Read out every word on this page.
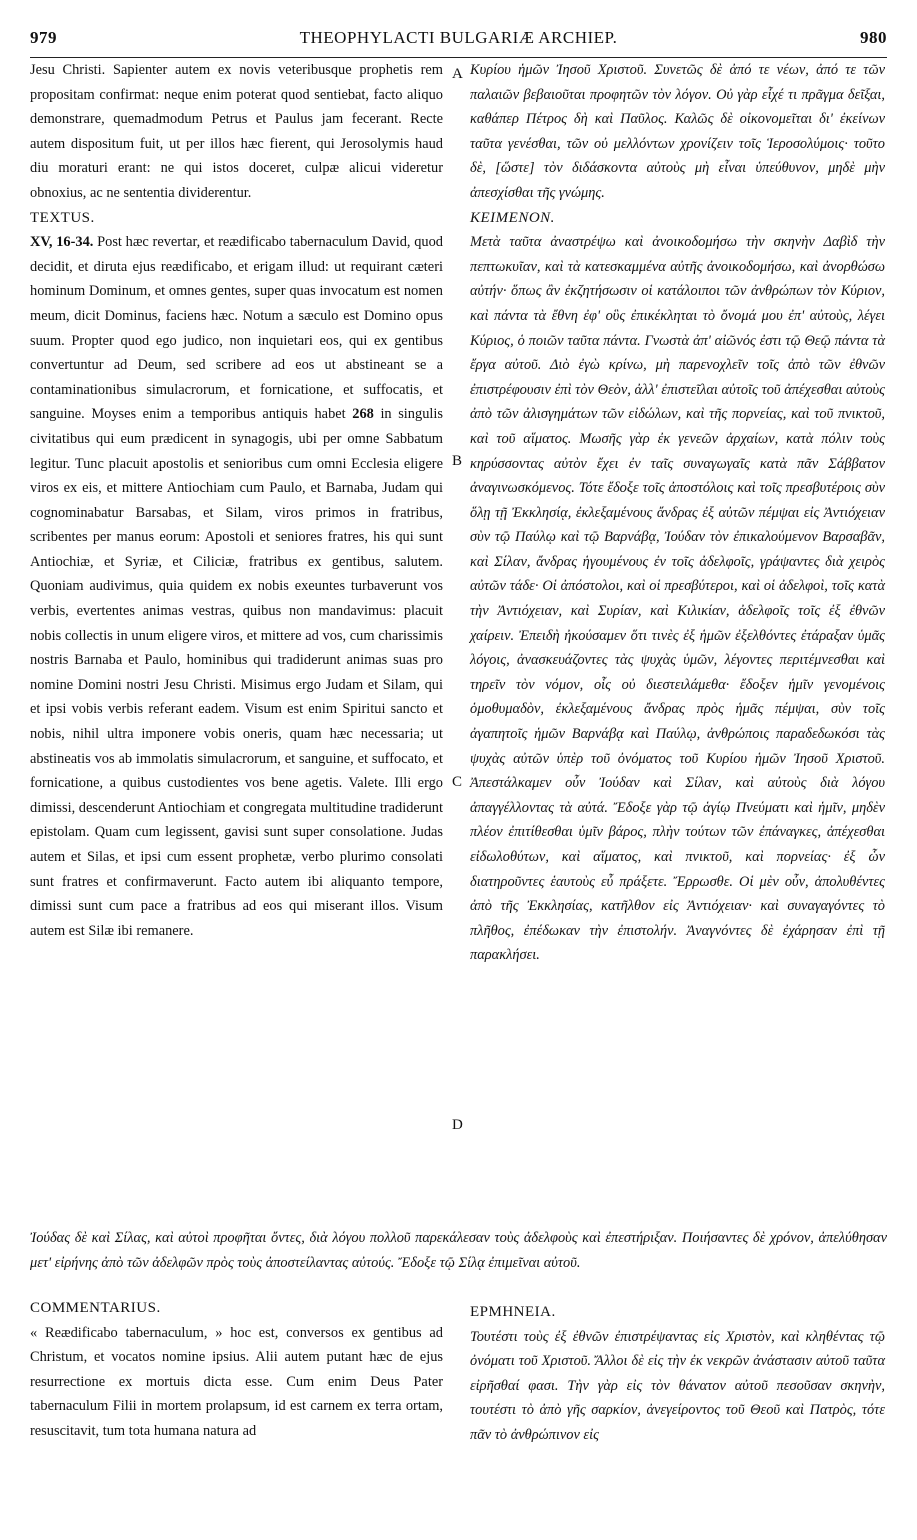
979	THEOPHYLACTI BULGARIÆ ARCHIEP.	980
A
B
C
D

Jesu Christi. Sapienter autem ex novis veteribusque prophetis rem propositam confirmat: neque enim poterat quod sentiebat, facto aliquo demonstrare, quemadmodum Petrus et Paulus jam fecerant. Recte autem dispositum fuit, ut per illos hæc fierent, qui Jerosolymis haud diu moraturi erant: ne qui istos doceret, culpæ alicui videretur obnoxius, ac ne sententia dividerentur.

TEXTUS.

XV, 16-34. Post hæc revertar, et reædificabo tabernaculum David, quod decidit, et diruta ejus reædificabo, et erigam illud: ut requirant cæteri hominum Dominum, et omnes gentes, super quas invocatum est nomen meum, dicit Dominus, faciens hæc. Notum a sæculo est Domino opus suum. Propter quod ego judico, non inquietari eos, qui ex gentibus convertuntur ad Deum, sed scribere ad eos ut abstineant se a contaminationibus simulacrorum, et fornicatione, et suffocatis, et sanguine. Moyses enim a temporibus antiquis habet 268 in singulis civitatibus qui eum prædicent in synagogis, ubi per omne Sabbatum legitur. Tunc placuit apostolis et senioribus cum omni Ecclesia eligere viros ex eis, et mittere Antiochiam cum Paulo, et Barnaba, Judam qui cognominabatur Barsabas, et Silam, viros primos in fratribus, scribentes per manus eorum: Apostoli et seniores fratres, his qui sunt Antiochiæ, et Syriæ, et Ciliciæ, fratribus ex gentibus, salutem. Quoniam audivimus, quia quidem ex nobis exeuntes turbaverunt vos verbis, evertentes animas vestras, quibus non mandavimus: placuit nobis collectis in unum eligere viros, et mittere ad vos, cum charissimis nostris Barnaba et Paulo, hominibus qui tradiderunt animas suas pro nomine Domini nostri Jesu Christi. Misimus ergo Judam et Silam, qui et ipsi vobis verbis referant eadem. Visum est enim Spiritui sancto et nobis, nihil ultra imponere vobis oneris, quam hæc necessaria; ut abstineatis vos ab immolatis simulacrorum, et sanguine, et suffocato, et fornicatione, a quibus custodientes vos bene agetis. Valete. Illi ergo dimissi, descenderunt Antiochiam et congregata multitudine tradiderunt epistolam. Quam cum legissent, gavisi sunt super consolatione. Judas autem et Silas, et ipsi cum essent prophetæ, verbo plurimo consolati sunt fratres et confirmaverunt. Facto autem ibi aliquanto tempore, dimissi sunt cum pace a fratribus ad eos qui miserant illos. Visum autem est Silæ ibi remanere.

Κυρίου ἡμῶν Ἰησοῦ Χριστοῦ. Συνετῶς δὲ ἀπό τε νέων, ἀπό τε τῶν παλαιῶν βεβαιοῦται προφητῶν τὸν λόγον. Οὐ γὰρ εἶχέ τι πρᾶγμα δεῖξαι, καθάπερ Πέτρος δὴ καὶ Παῦλος. Καλῶς δὲ οἰκονομεῖται δι' ἐκείνων ταῦτα γενέσθαι, τῶν οὐ μελλόντων χρονίζειν τοῖς Ἱεροσολύμοις· τοῦτο δὲ, [ὥστε] τὸν διδάσκοντα αὐτοὺς μὴ εἶναι ὑπεύθυνον, μηδὲ μὴν ἀπεσχίσθαι τῆς γνώμης.

ΚΕΙΜΕΝΟΝ.

Μετὰ ταῦτα ἀναστρέψω καὶ ἀνοικοδομήσω τὴν σκηνὴν Δαβὶδ τὴν πεπτωκυῖαν, καὶ τὰ κατεσκαμμένα αὐτῆς ἀνοικοδομήσω, καὶ ἀνορθώσω αὐτήν· ὅπως ἂν ἐκζητήσωσιν οἱ κατάλοιποι τῶν ἀνθρώπων τὸν Κύριον, καὶ πάντα τὰ ἔθνη ἐφ' οὓς ἐπικέκληται τὸ ὄνομά μου ἐπ' αὐτοὺς, λέγει Κύριος, ὁ ποιῶν ταῦτα πάντα. Γνωστὰ ἀπ' αἰῶνός ἐστι τῷ Θεῷ πάντα τὰ ἔργα αὐτοῦ. Διὸ ἐγὼ κρίνω, μὴ παρενοχλεῖν τοῖς ἀπὸ τῶν ἐθνῶν ἐπιστρέφουσιν ἐπὶ τὸν Θεὸν, ἀλλ' ἐπιστεῖλαι αὐτοῖς τοῦ ἀπέχεσθαι αὐτοὺς ἀπὸ τῶν ἀλισγημάτων τῶν εἰδώλων, καὶ τῆς πορνείας, καὶ τοῦ πνικτοῦ, καὶ τοῦ αἵματος. Μωσῆς γὰρ ἐκ γενεῶν ἀρχαίων, κατὰ πόλιν τοὺς κηρύσσοντας αὐτὸν ἔχει ἐν ταῖς συναγωγαῖς κατὰ πᾶν Σάββατον ἀναγινωσκόμενος. Τότε ἔδοξε τοῖς ἀποστόλοις καὶ τοῖς πρεσβυτέροις σὺν ὅλῃ τῇ Ἐκκλησίᾳ, ἐκλεξαμένους ἄνδρας ἐξ αὐτῶν πέμψαι εἰς Ἀντιόχειαν σὺν τῷ Παύλῳ καὶ τῷ Βαρνάβᾳ, Ἰούδαν τὸν ἐπικαλούμενον Βαρσαβᾶν, καὶ Σίλαν, ἄνδρας ἡγουμένους ἐν τοῖς ἀδελφοῖς, γράψαντες διὰ χειρὸς αὐτῶν τάδε· Οἱ ἀπόστολοι, καὶ οἱ πρεσβύτεροι, καὶ οἱ ἀδελφοὶ, τοῖς κατὰ τὴν Ἀντιόχειαν, καὶ Συρίαν, καὶ Κιλικίαν, ἀδελφοῖς τοῖς ἐξ ἐθνῶν χαίρειν. Ἐπειδὴ ἠκούσαμεν ὅτι τινὲς ἐξ ἡμῶν ἐξελθόντες ἐτάραξαν ὑμᾶς λόγοις, ἀνασκευάζοντες τὰς ψυχὰς ὑμῶν, λέγοντες περιτέμνεσθαι καὶ τηρεῖν τὸν νόμον, οἷς οὐ διεστειλάμεθα· ἔδοξεν ἡμῖν γενομένοις ὁμοθυμαδὸν, ἐκλεξαμένους ἄνδρας πρὸς ἡμᾶς πέμψαι, σὺν τοῖς ἀγαπητοῖς ἡμῶν Βαρνάβᾳ καὶ Παύλῳ, ἀνθρώποις παραδεδωκόσι τὰς ψυχὰς αὐτῶν ὑπὲρ τοῦ ὀνόματος τοῦ Κυρίου ἡμῶν Ἰησοῦ Χριστοῦ. Ἀπεστάλκαμεν οὖν Ἰούδαν καὶ Σίλαν, καὶ αὐτοὺς διὰ λόγου ἀπαγγέλλοντας τὰ αὐτά. Ἔδοξε γὰρ τῷ ἁγίῳ Πνεύματι καὶ ἡμῖν, μηδὲν πλέον ἐπιτίθεσθαι ὑμῖν βάρος, πλὴν τούτων τῶν ἐπάναγκες, ἀπέχεσθαι εἰδωλοθύτων, καὶ αἵματος, καὶ πνικτοῦ, καὶ πορνείας· ἐξ ὧν διατηροῦντες ἑαυτοὺς εὖ πράξετε. Ἔρρωσθε. Οἱ μὲν οὖν, ἀπολυθέντες ἀπὸ τῆς Ἐκκλησίας, κατῆλθον εἰς Ἀντιόχειαν· καὶ συναγαγόντες τὸ πλῆθος, ἐπέδωκαν τὴν ἐπιστολήν. Ἀναγνόντες δὲ ἐχάρησαν ἐπὶ τῇ παρακλήσει.

Ἰούδας δὲ καὶ Σίλας, καὶ αὐτοὶ προφῆται ὄντες, διὰ λόγου πολλοῦ παρεκάλεσαν τοὺς ἀδελφοὺς καὶ ἐπεστήριξαν. Ποιήσαντες δὲ χρόνον, ἀπελύθησαν μετ' εἰρήνης ἀπὸ τῶν ἀδελφῶν πρὸς τοὺς ἀποστείλαντας αὐτούς. Ἔδοξε τῷ Σίλᾳ ἐπιμεῖναι αὐτοῦ.

COMMENTARIUS.

« Reædificabo tabernaculum, » hoc est, conversos ex gentibus ad Christum, et vocatos nomine ipsius. Alii autem putant hæc de ejus resurrectione ex mortuis dicta esse. Cum enim Deus Pater tabernaculum Filii in mortem prolapsum, id est carnem ex terra ortam, resuscitavit, tum tota humana natura ad

ΕΡΜΗΝΕΙΑ.

Τουτέστι τοὺς ἐξ ἐθνῶν ἐπιστρέψαντας εἰς Χριστὸν, καὶ κληθέντας τῷ ὀνόματι τοῦ Χριστοῦ. Ἄλλοι δὲ εἰς τὴν ἐκ νεκρῶν ἀνάστασιν αὐτοῦ ταῦτα εἰρῆσθαί φασι. Τὴν γὰρ εἰς τὸν θάνατον αὐτοῦ πεσοῦσαν σκηνὴν, τουτέστι τὸ ἀπὸ γῆς σαρκίον, ἀνεγείροντος τοῦ Θεοῦ καὶ Πατρὸς, τότε πᾶν τὸ ἀνθρώπινον εἰς
